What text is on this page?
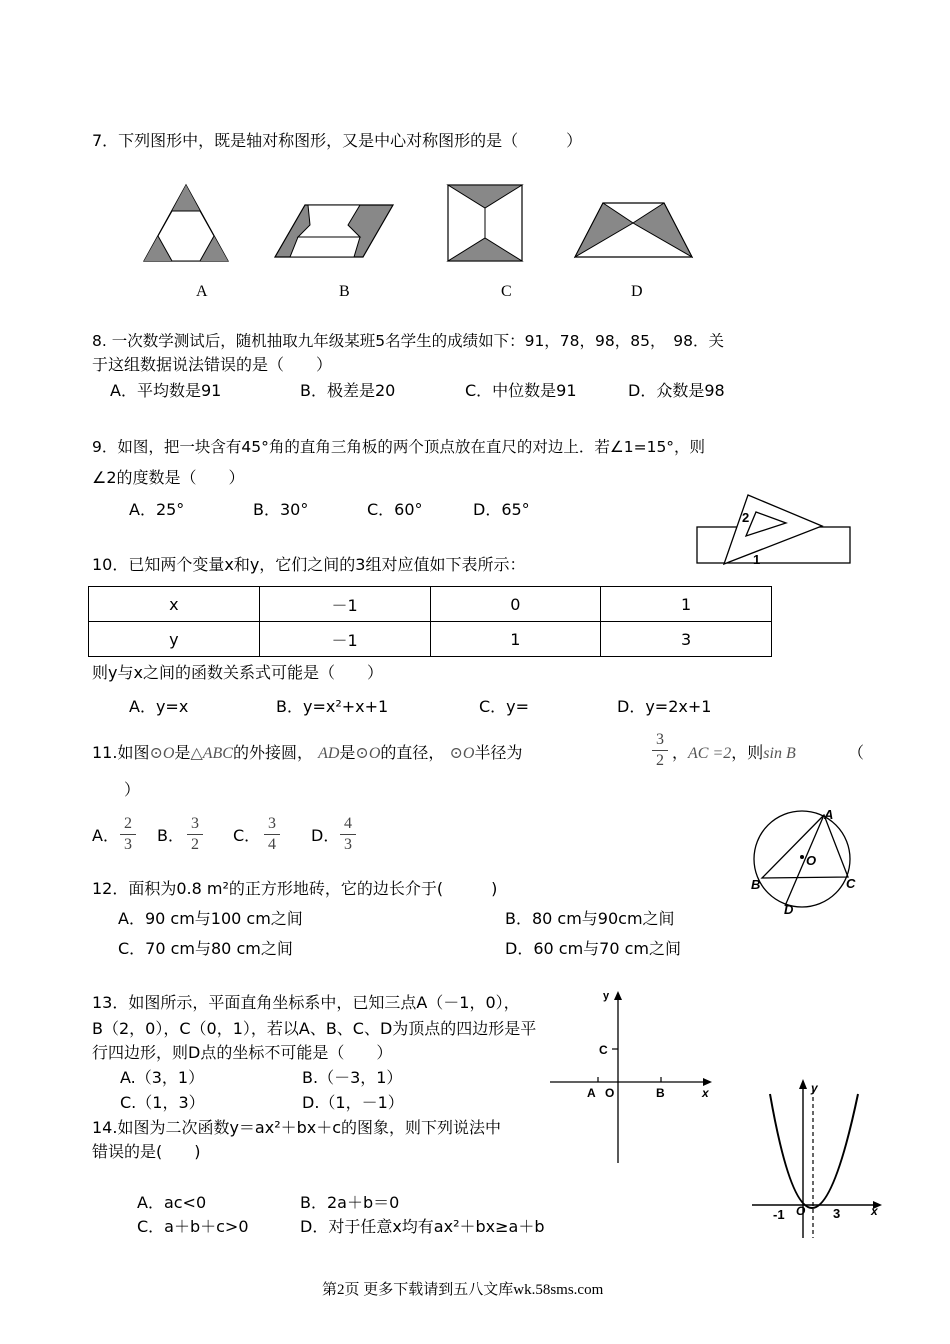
7．下列图形中，既是轴对称图形，又是中心对称图形的是（　　　）
A	B	C	D
8. 一次数学测试后，随机抽取九年级某班5名学生的成绩如下：91，78，98，85，　98．关
于这组数据说法错误的是（　　）
A．平均数是91	B．极差是20	C．中位数是91	D．众数是98
9．如图，把一块含有45°角的直角三角板的两个顶点放在直尺的对边上．若∠1=15°，则
∠2的度数是（　　）
A．25°	B．30°	C．60°	D．65°	2
1
10．已知两个变量x和y，它们之间的3组对应值如下表所示：
x	－1	0	1
y	－1	1	3
则y与x之间的函数关系式可能是（　　）
A．y=x	B．y=x²+x+1	C．y=	D．y=2x+1
11.如图⊙O是△ABC的外接圆， AD是⊙O的直径， ⊙O半径为
3
2 ，AC =2，则sin B	（
）
A．
2
3 B．
3
2 C．
3
4 D．
4
3
A
O
B	C
D
12．面积为0.8 m²的正方形地砖，它的边长介于(　　　)
A．90 cm与100 cm之间	B．80 cm与90cm之间
C．70 cm与80 cm之间	D．60 cm与70 cm之间
13．如图所示，平面直角坐标系中，已知三点A（－1，0），
B（2，0），C（0，1），若以A、B、C、D为顶点的四边形是平
行四边形，则D点的坐标不可能是（　　）
A.（3，1）	B.（－3，1）
C.（1，3）	D.（1，－1）
y
C
A O	B	x
14.如图为二次函数y＝ax²＋bx＋c的图象，则下列说法中
错误的是(　　)
A．ac<0	B．2a＋b＝0
C．a＋b＋c>0	D．对于任意x均有ax²＋bx≥a＋b
y
-1 O 3	x
第2页 更多下载请到五八文库wk.58sms.com
